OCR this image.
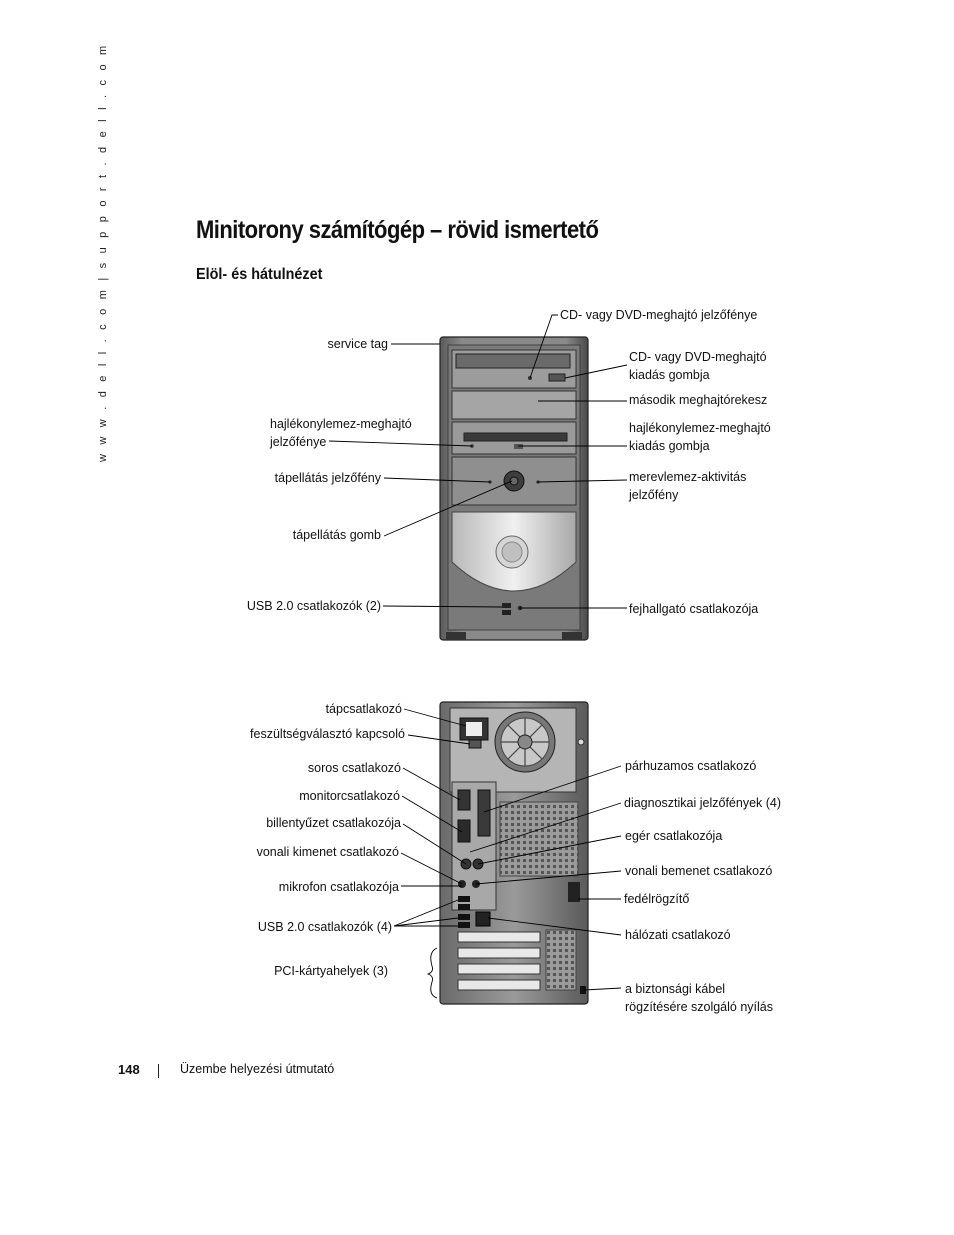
w w w . d e l l . c o m | s u p p o r t . d e l l . c o m	Minitorony számítógép – rövid ismertető
Elöl- és hátulnézet
service tag
hajlékonylemez-meghajtó
jelzőfénye
tápellátás jelzőfény
tápellátás gomb
USB 2.0 csatlakozók (2)
CD- vagy DVD-meghajtó jelzőfénye
CD- vagy DVD-meghajtó
kiadás gombja
második meghajtórekesz
hajlékonylemez-meghajtó
kiadás gombja
merevlemez-aktivitás
jelzőfény
fejhallgató csatlakozója
tápcsatlakozó
feszültségválasztó kapcsoló
soros csatlakozó
monitorcsatlakozó
billentyűzet csatlakozója
vonali kimenet csatlakozó
mikrofon csatlakozója
USB 2.0 csatlakozók (4)
PCI-kártyahelyek (3)
párhuzamos csatlakozó
diagnosztikai jelzőfények (4)
egér csatlakozója
vonali bemenet csatlakozó
fedélrögzítő
hálózati csatlakozó
a biztonsági kábel
rögzítésére szolgáló nyílás
148	Üzembe helyezési útmutató
